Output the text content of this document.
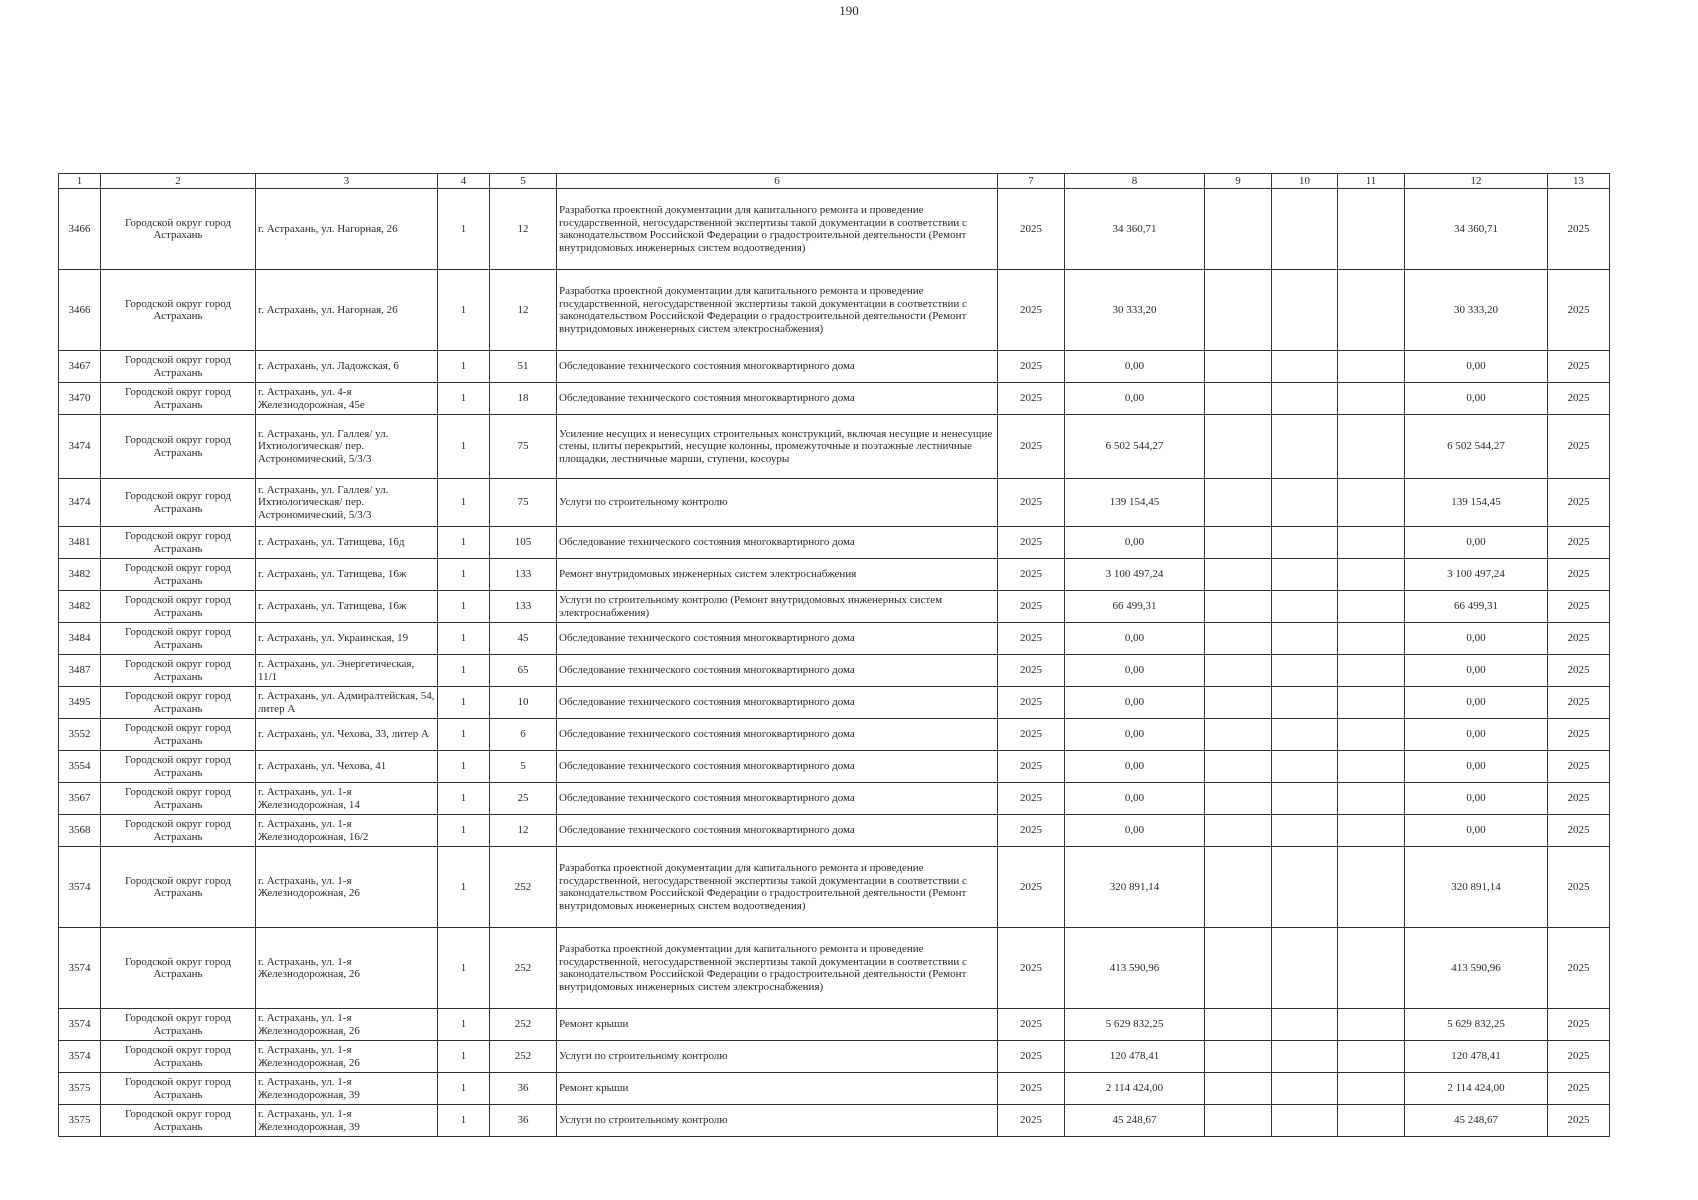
190
1	2	3	4	5	6	7	8	9	10	11	12	13
3466	Городской округ город Астрахань	г. Астрахань, ул. Нагорная, 26	1	12	Разработка проектной документации для капитального ремонта и проведение государственной, негосударственной экспертизы такой документации в соответствии с законодательством Российской Федерации о градостроительной деятельности (Ремонт внутридомовых инженерных систем водоотведения)	2025	34 360,71				34 360,71	2025
3466	Городской округ город Астрахань	г. Астрахань, ул. Нагорная, 26	1	12	Разработка проектной документации для капитального ремонта и проведение государственной, негосударственной экспертизы такой документации в соответствии с законодательством Российской Федерации о градостроительной деятельности (Ремонт внутридомовых инженерных систем электроснабжения)	2025	30 333,20				30 333,20	2025
3467	Городской округ город Астрахань	г. Астрахань, ул. Ладожская, 6	1	51	Обследование технического состояния многоквартирного дома	2025	0,00				0,00	2025
3470	Городской округ город Астрахань	г. Астрахань, ул. 4-я Железнодорожная, 45е	1	18	Обследование технического состояния многоквартирного дома	2025	0,00				0,00	2025
3474	Городской округ город Астрахань	г. Астрахань, ул. Галлея/ ул. Ихтиологическая/ пер. Астрономический, 5/3/3	1	75	Усиление несущих и ненесущих строительных конструкций, включая несущие и ненесущие стены, плиты перекрытий, несущие колонны, промежуточные и поэтажные лестничные площадки, лестничные марши, ступени, косоуры	2025	6 502 544,27				6 502 544,27	2025
3474	Городской округ город Астрахань	г. Астрахань, ул. Галлея/ ул. Ихтиологическая/ пер. Астрономический, 5/3/3	1	75	Услуги по строительному контролю	2025	139 154,45				139 154,45	2025
3481	Городской округ город Астрахань	г. Астрахань, ул. Татищева, 16д	1	105	Обследование технического состояния многоквартирного дома	2025	0,00				0,00	2025
3482	Городской округ город Астрахань	г. Астрахань, ул. Татищева, 16ж	1	133	Ремонт внутридомовых инженерных систем электроснабжения	2025	3 100 497,24				3 100 497,24	2025
3482	Городской округ город Астрахань	г. Астрахань, ул. Татищева, 16ж	1	133	Услуги по строительному контролю (Ремонт внутридомовых инженерных систем электроснабжения)	2025	66 499,31				66 499,31	2025
3484	Городской округ город Астрахань	г. Астрахань, ул. Украинская, 19	1	45	Обследование технического состояния многоквартирного дома	2025	0,00				0,00	2025
3487	Городской округ город Астрахань	г. Астрахань, ул. Энергетическая, 11/1	1	65	Обследование технического состояния многоквартирного дома	2025	0,00				0,00	2025
3495	Городской округ город Астрахань	г. Астрахань, ул. Адмиралтейская, 54, литер А	1	10	Обследование технического состояния многоквартирного дома	2025	0,00				0,00	2025
3552	Городской округ город Астрахань	г. Астрахань, ул. Чехова, 33, литер А	1	6	Обследование технического состояния многоквартирного дома	2025	0,00				0,00	2025
3554	Городской округ город Астрахань	г. Астрахань, ул. Чехова, 41	1	5	Обследование технического состояния многоквартирного дома	2025	0,00				0,00	2025
3567	Городской округ город Астрахань	г. Астрахань, ул. 1-я Железнодорожная, 14	1	25	Обследование технического состояния многоквартирного дома	2025	0,00				0,00	2025
3568	Городской округ город Астрахань	г. Астрахань, ул. 1-я Железнодорожная, 16/2	1	12	Обследование технического состояния многоквартирного дома	2025	0,00				0,00	2025
3574	Городской округ город Астрахань	г. Астрахань, ул. 1-я Железнодорожная, 26	1	252	Разработка проектной документации для капитального ремонта и проведение государственной, негосударственной экспертизы такой документации в соответствии с законодательством Российской Федерации о градостроительной деятельности (Ремонт внутридомовых инженерных систем водоотведения)	2025	320 891,14				320 891,14	2025
3574	Городской округ город Астрахань	г. Астрахань, ул. 1-я Железнодорожная, 26	1	252	Разработка проектной документации для капитального ремонта и проведение государственной, негосударственной экспертизы такой документации в соответствии с законодательством Российской Федерации о градостроительной деятельности (Ремонт внутридомовых инженерных систем электроснабжения)	2025	413 590,96				413 590,96	2025
3574	Городской округ город Астрахань	г. Астрахань, ул. 1-я Железнодорожная, 26	1	252	Ремонт крыши	2025	5 629 832,25				5 629 832,25	2025
3574	Городской округ город Астрахань	г. Астрахань, ул. 1-я Железнодорожная, 26	1	252	Услуги по строительному контролю	2025	120 478,41				120 478,41	2025
3575	Городской округ город Астрахань	г. Астрахань, ул. 1-я Железнодорожная, 39	1	36	Ремонт крыши	2025	2 114 424,00				2 114 424,00	2025
3575	Городской округ город Астрахань	г. Астрахань, ул. 1-я Железнодорожная, 39	1	36	Услуги по строительному контролю	2025	45 248,67				45 248,67	2025
